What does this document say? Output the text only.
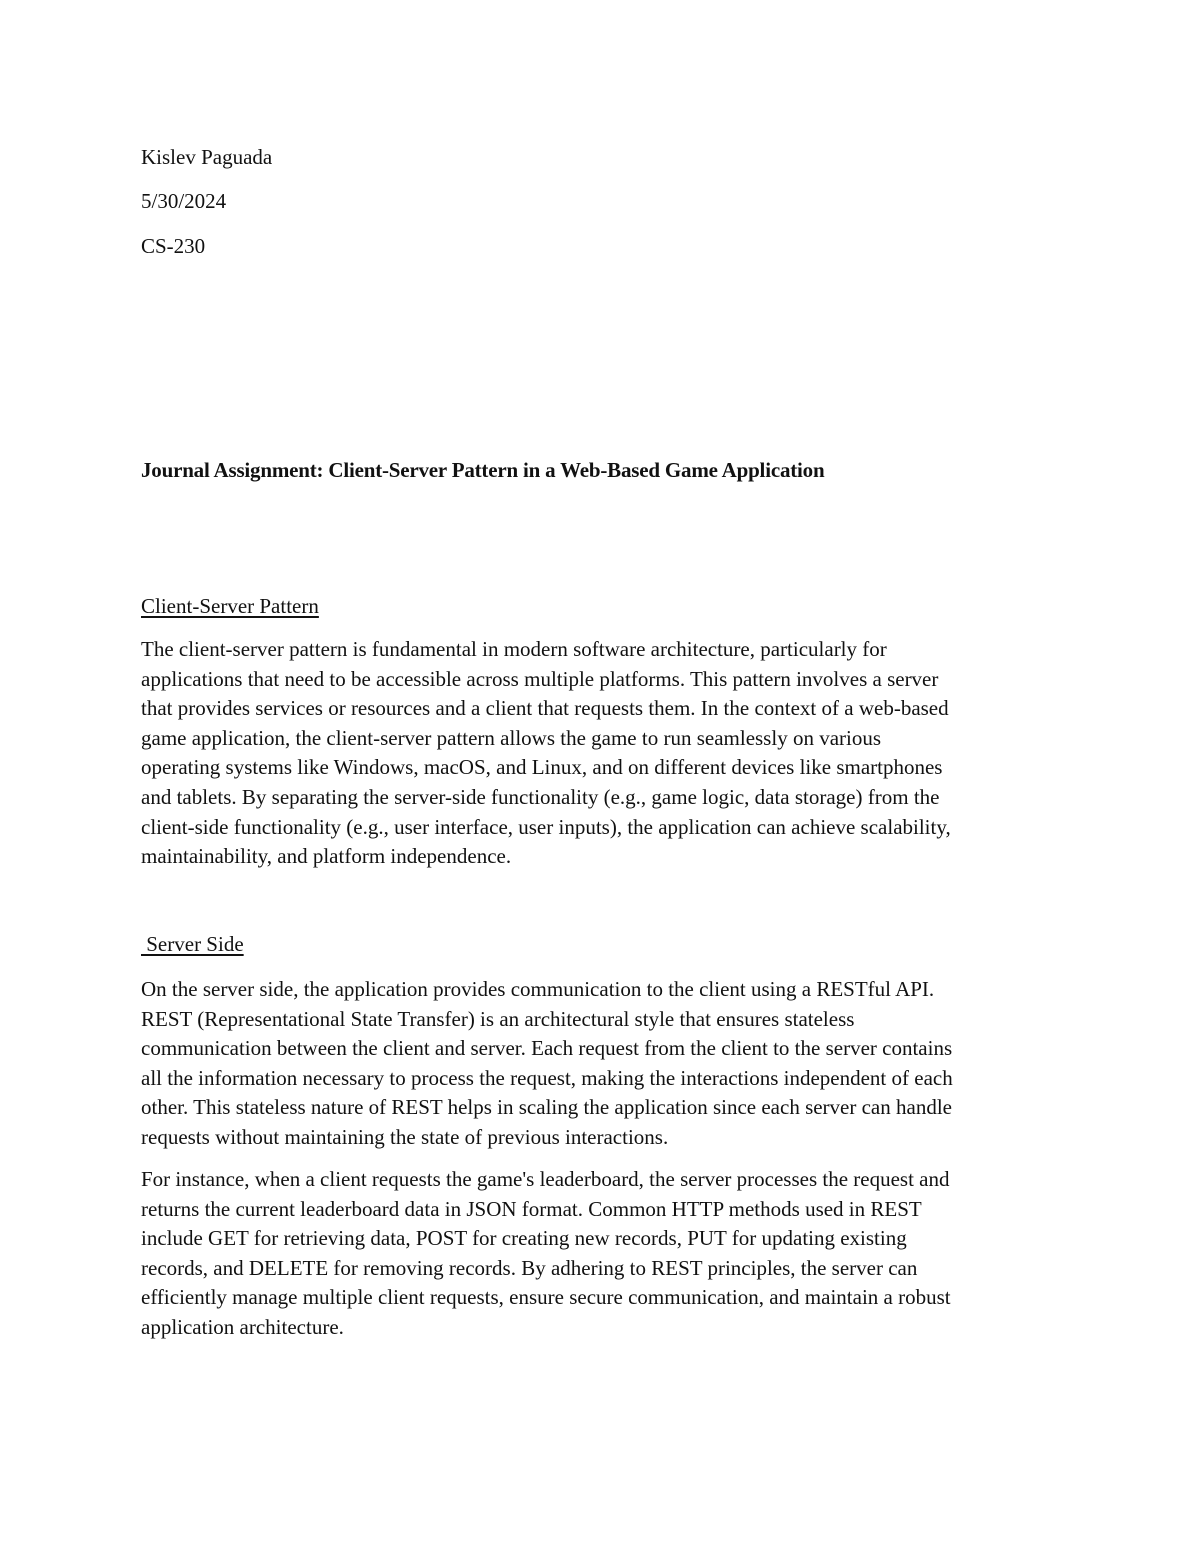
Kislev Paguada
5/30/2024
CS-230
Journal Assignment: Client-Server Pattern in a Web-Based Game Application
Client-Server Pattern
The client-server pattern is fundamental in modern software architecture, particularly for
applications that need to be accessible across multiple platforms. This pattern involves a server
that provides services or resources and a client that requests them. In the context of a web-based
game application, the client-server pattern allows the game to run seamlessly on various
operating systems like Windows, macOS, and Linux, and on different devices like smartphones
and tablets. By separating the server-side functionality (e.g., game logic, data storage) from the
client-side functionality (e.g., user interface, user inputs), the application can achieve scalability,
maintainability, and platform independence.
Server Side
On the server side, the application provides communication to the client using a RESTful API.
REST (Representational State Transfer) is an architectural style that ensures stateless
communication between the client and server. Each request from the client to the server contains
all the information necessary to process the request, making the interactions independent of each
other. This stateless nature of REST helps in scaling the application since each server can handle
requests without maintaining the state of previous interactions.
For instance, when a client requests the game's leaderboard, the server processes the request and
returns the current leaderboard data in JSON format. Common HTTP methods used in REST
include GET for retrieving data, POST for creating new records, PUT for updating existing
records, and DELETE for removing records. By adhering to REST principles, the server can
efficiently manage multiple client requests, ensure secure communication, and maintain a robust
application architecture.
